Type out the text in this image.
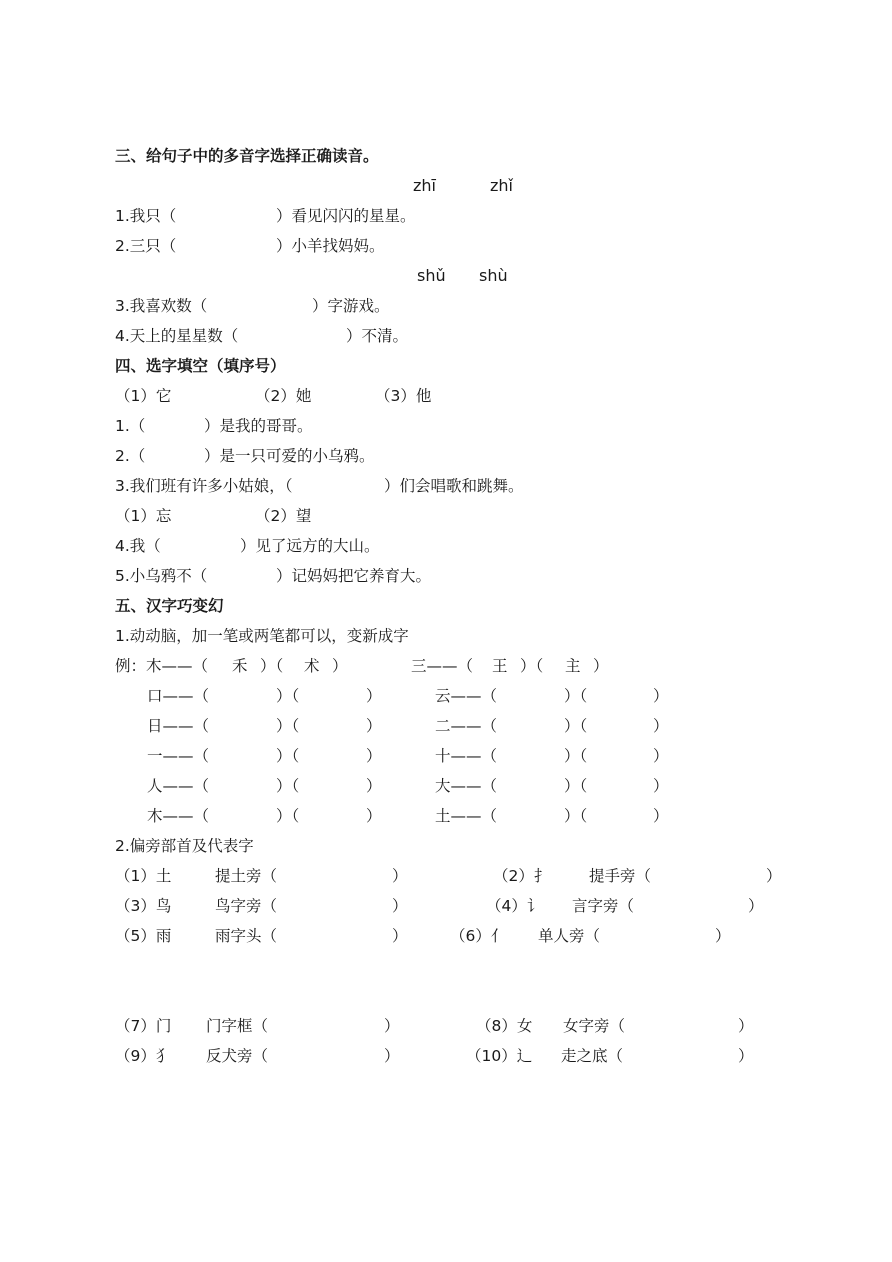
三、给句子中的多音字选择正确读音。
zhī	zhǐ
1.我只（	）看见闪闪的星星。
2.三只（	）小羊找妈妈。
shǔ shù
3.我喜欢数（	）字游戏。
4.天上的星星数（	）不清。
四、选字填空（填序号）
（1）它	（2）她	（3）他
1.（	）是我的哥哥。
2.（	）是一只可爱的小乌鸦。
3.我们班有许多小姑娘，（	）们会唱歌和跳舞。
（1）忘	（2）望
4.我（	）见了远方的大山。
5.小乌鸦不（	）记妈妈把它养育大。
五、汉字巧变幻
1.动动脑，加一笔或两笔都可以，变新成字
例：木——（ 禾 ）（ 术 ）	三——（ 王 ）（ 主 ）
口——（	）（	）	云——（	）（	）
日——（	）（	）	二——（	）（	）
一——（	）（	）	十——（	）（	）
人——（	）（	）	大——（	）（	）
木——（	）（	）	土——（	）（	）
2.偏旁部首及代表字
（1）土	提土旁（	）	（2）扌	提手旁（	）
（3）鸟	鸟字旁（	）	（4）讠 言字旁（	）
（5）雨	雨字头（	）	（6）亻 单人旁（	）
（7）门 门字框（	）	（8）女 女字旁（	）
（9）犭 反犬旁（	）	（10）辶 走之底（	）
